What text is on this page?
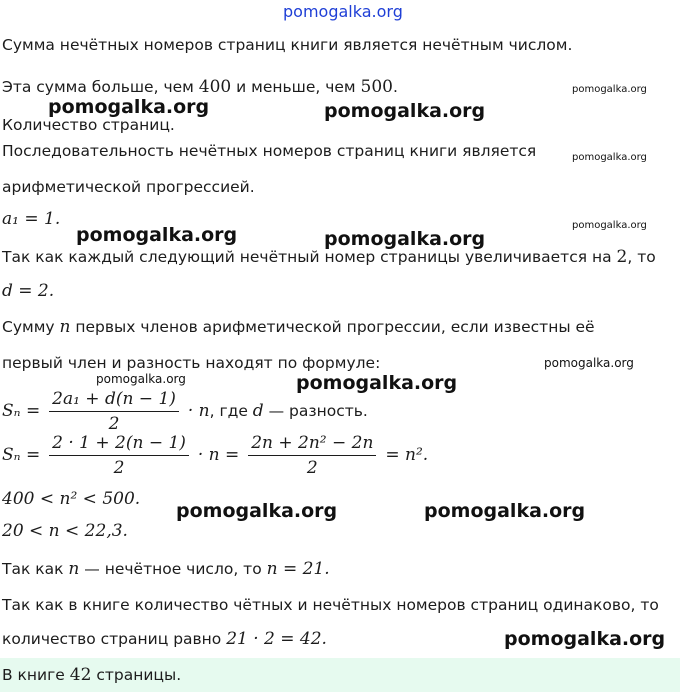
pomogalka.org
pomogalka.org	pomogalka.org
pomogalka.org
pomogalka.org
pomogalka.org
pomogalka.org	pomogalka.org
pomogalka.org
pomogalka.org	pomogalka.org
pomogalka.org	pomogalka.org
pomogalka.org
Сумма нечётных номеров страниц книги является нечётным числом.
Эта сумма больше, чем 400 и меньше, чем 500.
Количество страниц.
Последовательность нечётных номеров страниц книги является
арифметической прогрессией.
a₁ = 1.
Так как каждый следующий нечётный номер страницы увеличивается на 2, то
d = 2.
Сумму n первых членов арифметической прогрессии, если известны её
первый член и разность находят по формуле:
$S_n = \frac{\text{2a₁ + d(n − 1)}}{2} \cdot n$, где d — разность.
$S_n = \frac{2 \cdot 1 + 2(n - 1)}{2} \cdot n = \frac{\text{2n + 2n² − 2n}}{2} = n^2$.
400 < n² < 500.
20 < n < 22,3.
Так как n — нечётное число, то n = 21.
Так как в книге количество чётных и нечётных номеров страниц одинаково, то
количество страниц равно 21 · 2 = 42.
В книге 42 страницы.
